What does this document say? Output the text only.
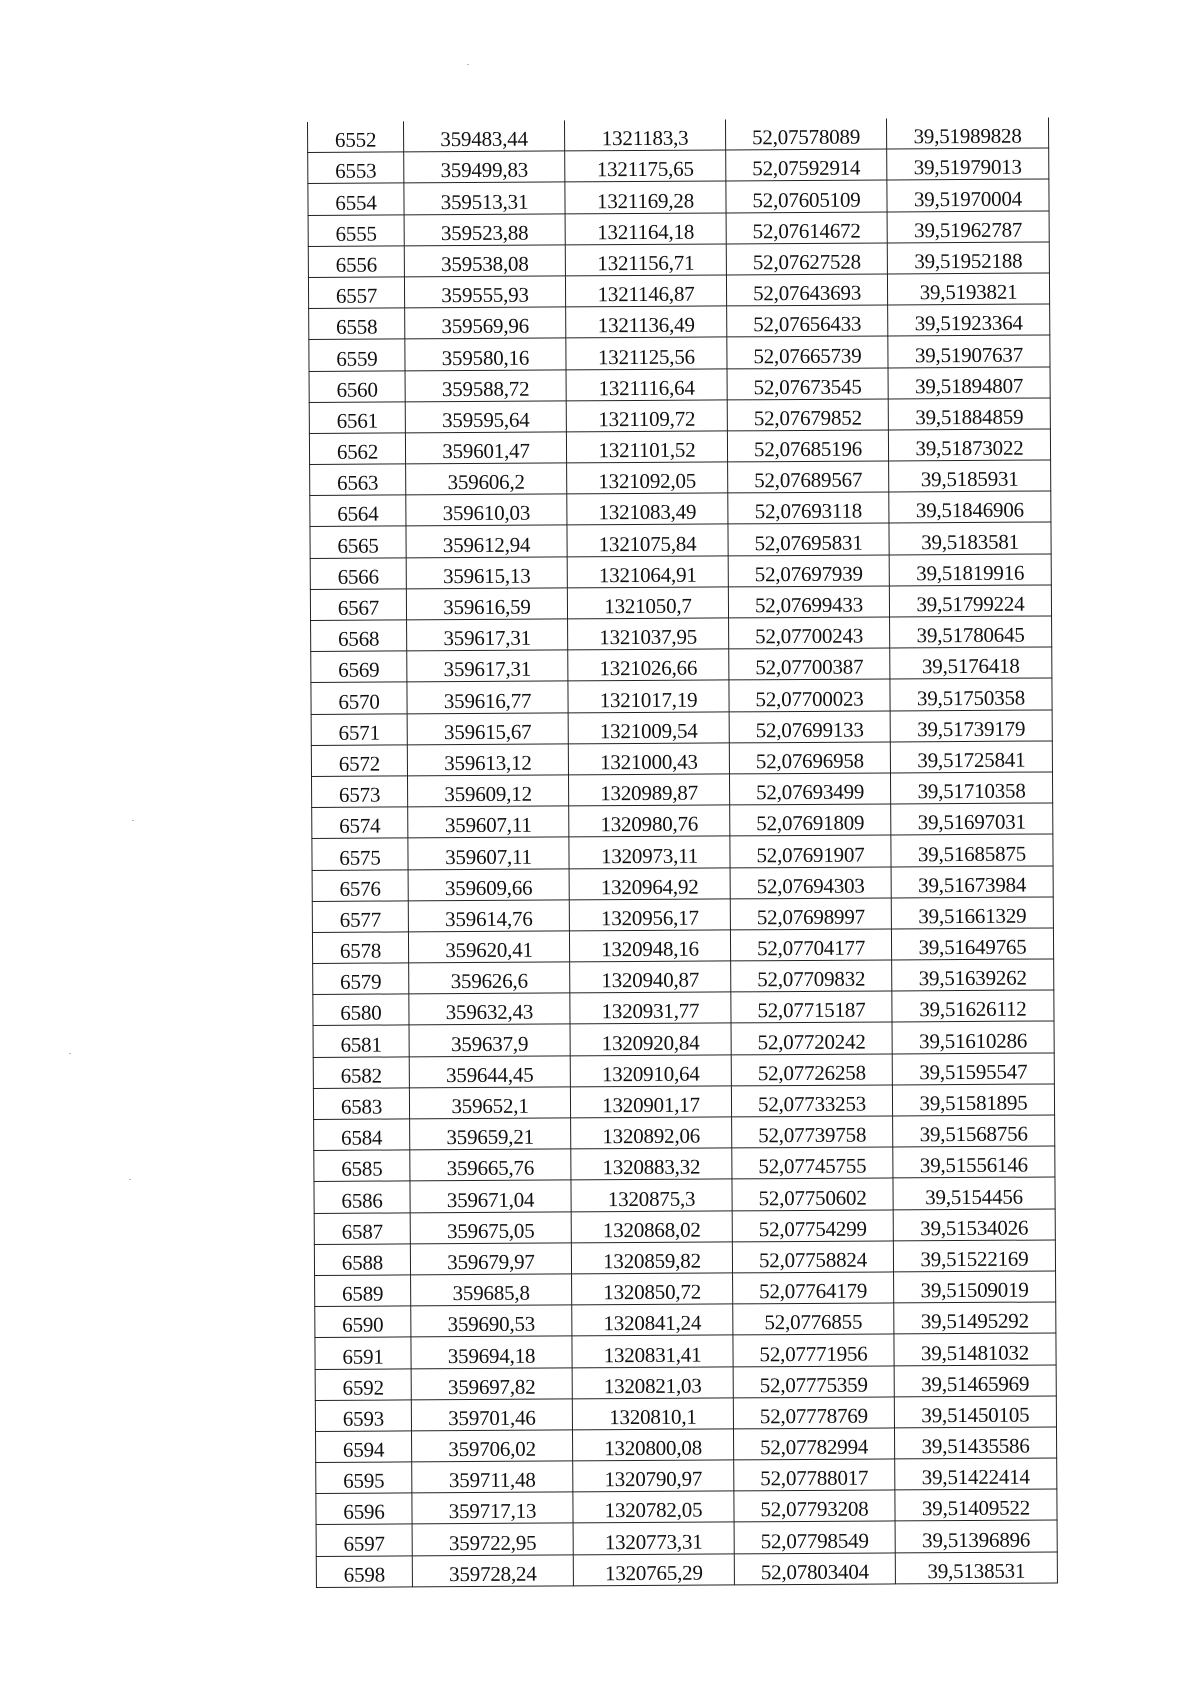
6552	359483,44	1321183,3	52,07578089	39,51989828
6553	359499,83	1321175,65	52,07592914	39,51979013
6554	359513,31	1321169,28	52,07605109	39,51970004
6555	359523,88	1321164,18	52,07614672	39,51962787
6556	359538,08	1321156,71	52,07627528	39,51952188
6557	359555,93	1321146,87	52,07643693	39,5193821
6558	359569,96	1321136,49	52,07656433	39,51923364
6559	359580,16	1321125,56	52,07665739	39,51907637
6560	359588,72	1321116,64	52,07673545	39,51894807
6561	359595,64	1321109,72	52,07679852	39,51884859
6562	359601,47	1321101,52	52,07685196	39,51873022
6563	359606,2	1321092,05	52,07689567	39,5185931
6564	359610,03	1321083,49	52,07693118	39,51846906
6565	359612,94	1321075,84	52,07695831	39,5183581
6566	359615,13	1321064,91	52,07697939	39,51819916
6567	359616,59	1321050,7	52,07699433	39,51799224
6568	359617,31	1321037,95	52,07700243	39,51780645
6569	359617,31	1321026,66	52,07700387	39,5176418
6570	359616,77	1321017,19	52,07700023	39,51750358
6571	359615,67	1321009,54	52,07699133	39,51739179
6572	359613,12	1321000,43	52,07696958	39,51725841
6573	359609,12	1320989,87	52,07693499	39,51710358
6574	359607,11	1320980,76	52,07691809	39,51697031
6575	359607,11	1320973,11	52,07691907	39,51685875
6576	359609,66	1320964,92	52,07694303	39,51673984
6577	359614,76	1320956,17	52,07698997	39,51661329
6578	359620,41	1320948,16	52,07704177	39,51649765
6579	359626,6	1320940,87	52,07709832	39,51639262
6580	359632,43	1320931,77	52,07715187	39,51626112
6581	359637,9	1320920,84	52,07720242	39,51610286
6582	359644,45	1320910,64	52,07726258	39,51595547
6583	359652,1	1320901,17	52,07733253	39,51581895
6584	359659,21	1320892,06	52,07739758	39,51568756
6585	359665,76	1320883,32	52,07745755	39,51556146
6586	359671,04	1320875,3	52,07750602	39,5154456
6587	359675,05	1320868,02	52,07754299	39,51534026
6588	359679,97	1320859,82	52,07758824	39,51522169
6589	359685,8	1320850,72	52,07764179	39,51509019
6590	359690,53	1320841,24	52,0776855	39,51495292
6591	359694,18	1320831,41	52,07771956	39,51481032
6592	359697,82	1320821,03	52,07775359	39,51465969
6593	359701,46	1320810,1	52,07778769	39,51450105
6594	359706,02	1320800,08	52,07782994	39,51435586
6595	359711,48	1320790,97	52,07788017	39,51422414
6596	359717,13	1320782,05	52,07793208	39,51409522
6597	359722,95	1320773,31	52,07798549	39,51396896
6598	359728,24	1320765,29	52,07803404	39,5138531
